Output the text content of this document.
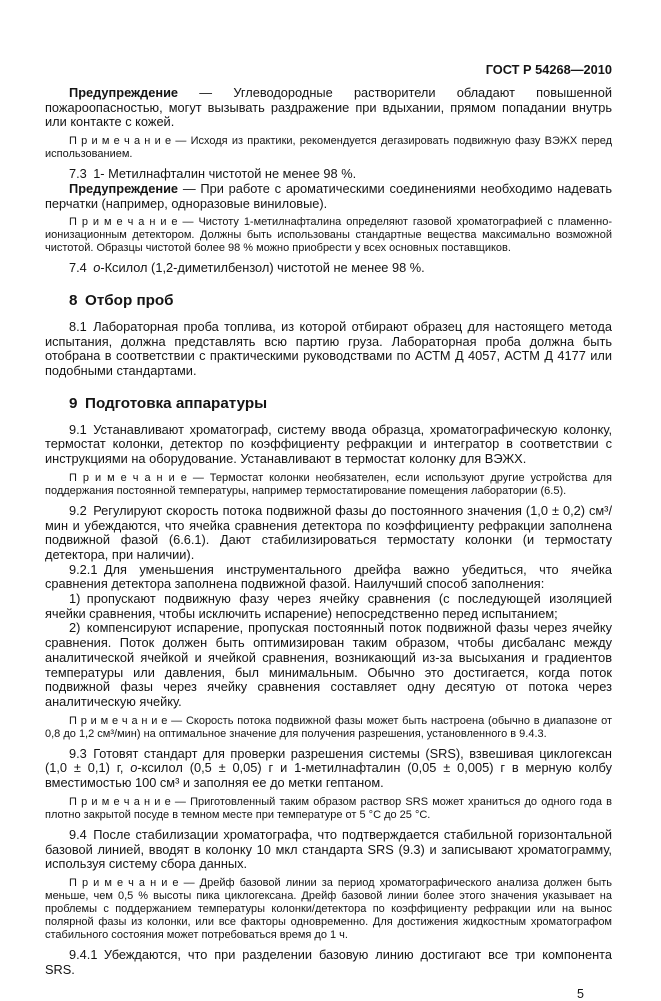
ГОСТ Р 54268—2010

Предупреждение — Углеводородные растворители обладают повышенной пожароопасностью, могут вызывать раздражение при вдыхании, прямом попадании внутрь или контакте с кожей.

П р и м е ч а н и е — Исходя из практики, рекомендуется дегазировать подвижную фазу ВЭЖХ перед использованием.

7.3 1- Метилнафталин чистотой не менее 98 %.

Предупреждение — При работе с ароматическими соединениями необходимо надевать перчатки (например, одноразовые виниловые).

П р и м е ч а н и е — Чистоту 1-метилнафталина определяют газовой хроматографией с пламенно-ионизационным детектором. Должны быть использованы стандартные вещества максимально возможной чистотой. Образцы чистотой более 98 % можно приобрести у всех основных поставщиков.

7.4 о-Ксилол (1,2-диметилбензол) чистотой не менее 98 %.

8 Отбор проб

8.1 Лабораторная проба топлива, из которой отбирают образец для настоящего метода испытания, должна представлять всю партию груза. Лабораторная проба должна быть отобрана в соответствии с практическими руководствами по АСТМ Д 4057, АСТМ Д 4177 или подобными стандартами.

9 Подготовка аппаратуры

9.1 Устанавливают хроматограф, систему ввода образца, хроматографическую колонку, термостат колонки, детектор по коэффициенту рефракции и интегратор в соответствии с инструкциями на оборудование. Устанавливают в термостат колонку для ВЭЖХ.

П р и м е ч а н и е — Термостат колонки необязателен, если используют другие устройства для поддержания постоянной температуры, например термостатирование помещения лаборатории (6.5).

9.2 Регулируют скорость потока подвижной фазы до постоянного значения (1,0 ± 0,2) см³/мин и убеждаются, что ячейка сравнения детектора по коэффициенту рефракции заполнена подвижной фазой (6.6.1). Дают стабилизироваться термостату колонки (и термостату детектора, при наличии).

9.2.1 Для уменьшения инструментального дрейфа важно убедиться, что ячейка сравнения детектора заполнена подвижной фазой. Наилучший способ заполнения:

1) пропускают подвижную фазу через ячейку сравнения (с последующей изоляцией ячейки сравнения, чтобы исключить испарение) непосредственно перед испытанием;

2) компенсируют испарение, пропуская постоянный поток подвижной фазы через ячейку сравнения. Поток должен быть оптимизирован таким образом, чтобы дисбаланс между аналитической ячейкой и ячейкой сравнения, возникающий из-за высыхания и градиентов температуры или давления, был минимальным. Обычно это достигается, когда поток подвижной фазы через ячейку сравнения составляет одну десятую от потока через аналитическую ячейку.

П р и м е ч а н и е — Скорость потока подвижной фазы может быть настроена (обычно в диапазоне от 0,8 до 1,2 см³/мин) на оптимальное значение для получения разрешения, установленного в 9.4.3.

9.3 Готовят стандарт для проверки разрешения системы (SRS), взвешивая циклогексан (1,0 ± 0,1) г, о-ксилол (0,5 ± 0,05) г и 1-метилнафталин (0,05 ± 0,005) г в мерную колбу вместимостью 100 см³ и заполняя ее до метки гептаном.

П р и м е ч а н и е — Приготовленный таким образом раствор SRS может храниться до одного года в плотно закрытой посуде в темном месте при температуре от 5 °С до 25 °С.

9.4 После стабилизации хроматографа, что подтверждается стабильной горизонтальной базовой линией, вводят в колонку 10 мкл стандарта SRS (9.3) и записывают хроматограмму, используя систему сбора данных.

П р и м е ч а н и е — Дрейф базовой линии за период хроматографического анализа должен быть меньше, чем 0,5 % высоты пика циклогексана. Дрейф базовой линии более этого значения указывает на проблемы с поддержанием температуры колонки/детектора по коэффициенту рефракции или на вынос полярной фазы из колонки, или все факторы одновременно. Для достижения жидкостным хроматографом стабильного состояния может потребоваться время до 1 ч.

9.4.1 Убеждаются, что при разделении базовую линию достигают все три компонента SRS.

5
